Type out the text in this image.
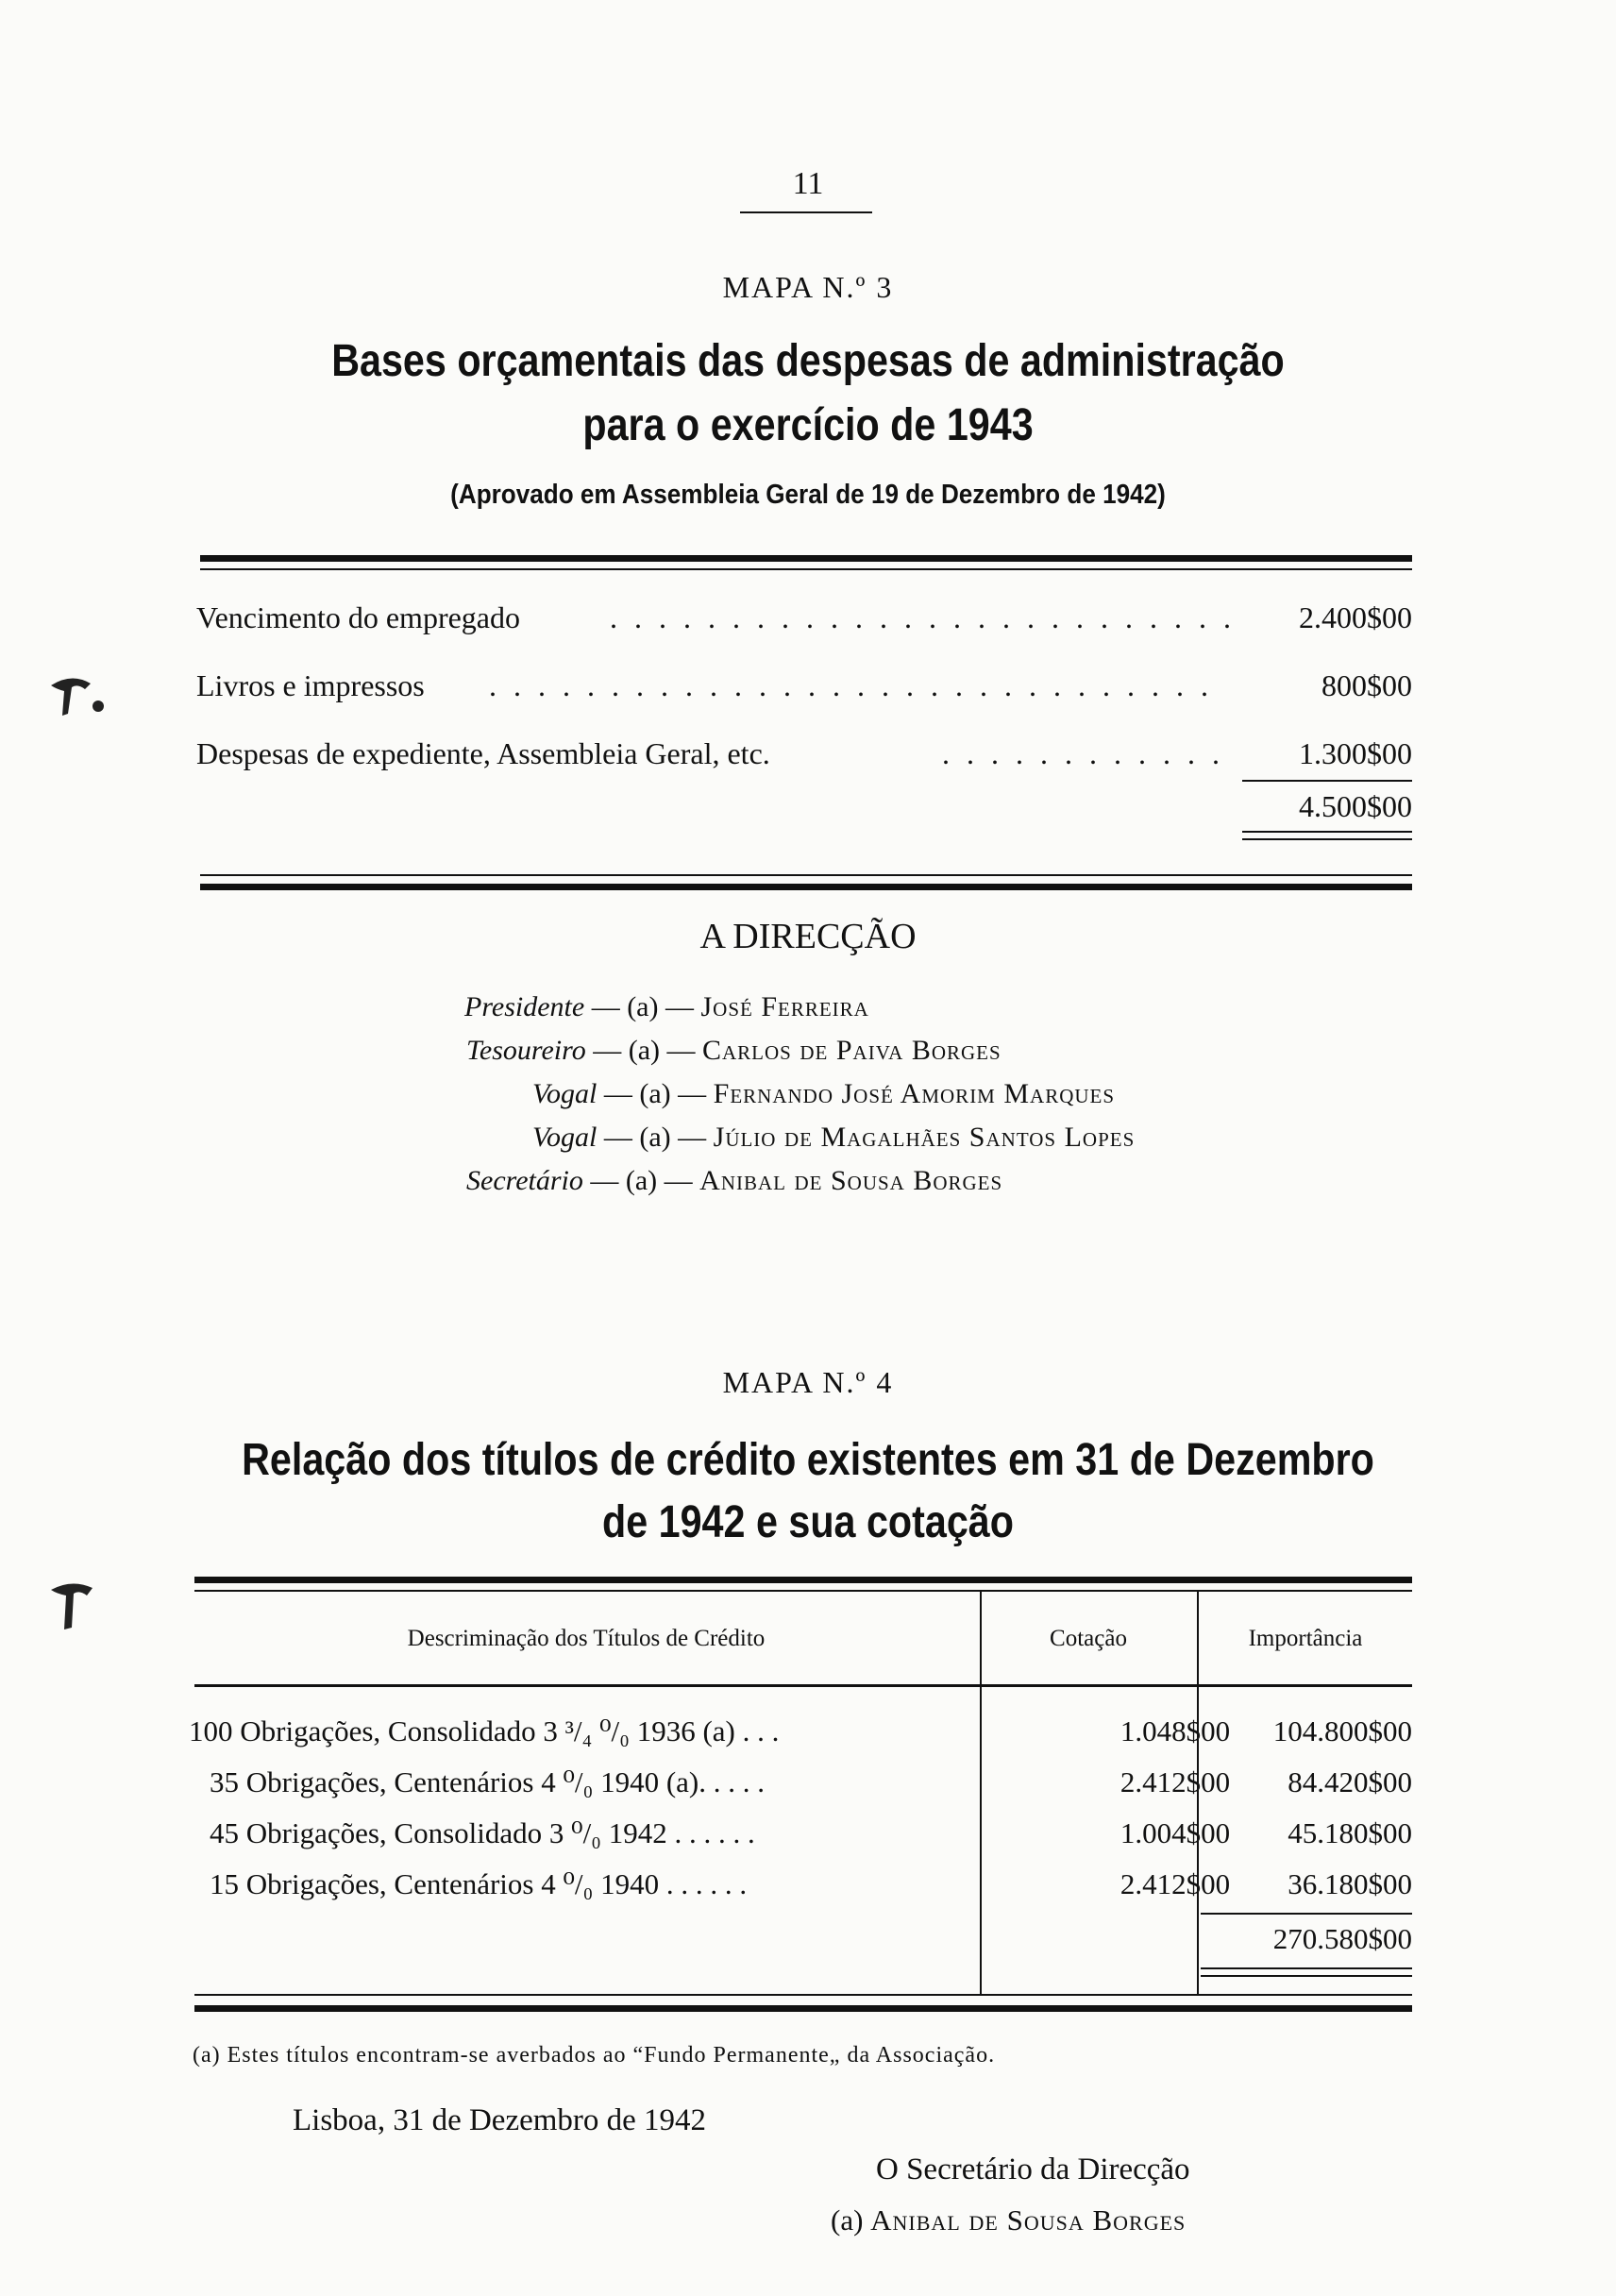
11
MAPA N.º 3
Bases orçamentais das despesas de administração
para o exercício de 1943
(Aprovado em Assembleia Geral de 19 de Dezembro de 1942)
Vencimento do empregado	. . . . . . . . . . . . . . . . . . . . . . . . . .	2.400$00
Livros e impressos . . . . . . . . . . . . . . . . . . . . . . . . . . . . . .	800$00
Despesas de expediente, Assembleia Geral, etc.	. . . . . . . . . . . .	1.300$00
4.500$00
A DIRECÇÃO
Presidente — (a) — José Ferreira
Tesoureiro — (a) — Carlos de Paiva Borges
Vogal — (a) — Fernando José Amorim Marques
Vogal — (a) — Júlio de Magalhães Santos Lopes
Secretário — (a) — Anibal de Sousa Borges
MAPA N.º 4
Relação dos títulos de crédito existentes em 31 de Dezembro
de 1942 e sua cotação
Descriminação dos Títulos de Crédito	Cotação	Importância
100 Obrigações, Consolidado 3 ³/₄ ⁰/₀ 1936 (a) . . .	1.048$00	104.800$00
35 Obrigações, Centenários 4 ⁰/₀ 1940 (a). . . . .	2.412$00	84.420$00
45 Obrigações, Consolidado 3 ⁰/₀ 1942 . . . . . .	1.004$00	45.180$00
15 Obrigações, Centenários 4 ⁰/₀ 1940 . . . . . .	2.412$00	36.180$00
270.580$00
(a) Estes títulos encontram-se averbados ao “Fundo Permanente„ da Associação.
Lisboa, 31 de Dezembro de 1942
O Secretário da Direcção
(a) Anibal de Sousa Borges
